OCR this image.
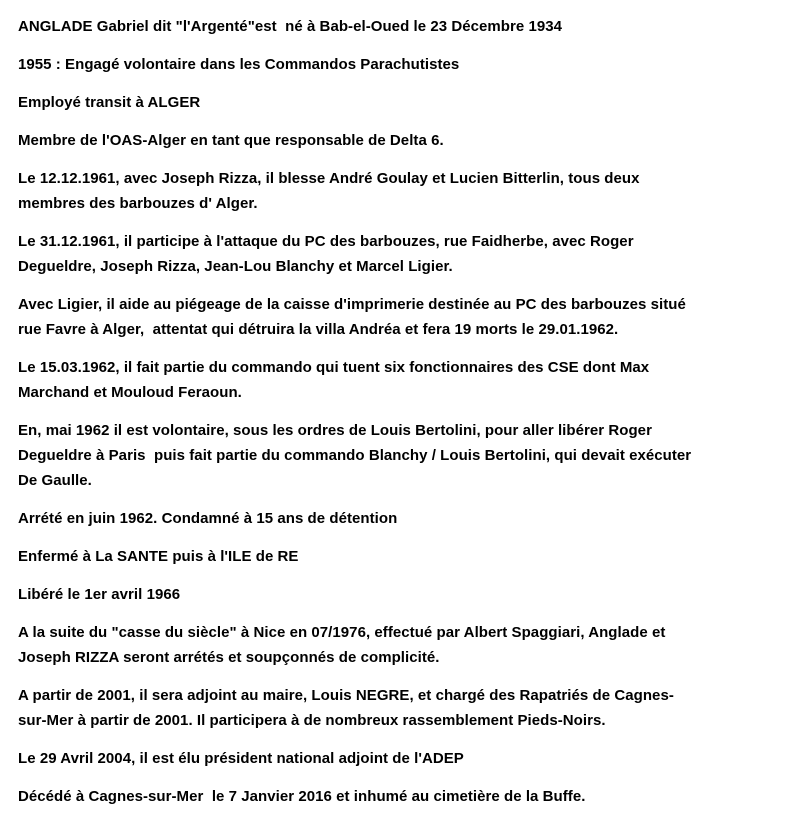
ANGLADE Gabriel dit "l'Argenté"est  né à Bab-el-Oued le 23 Décembre 1934

1955 : Engagé volontaire dans les Commandos Parachutistes

Employé transit à ALGER

Membre de l'OAS-Alger en tant que responsable de Delta 6.

Le 12.12.1961, avec Joseph Rizza, il blesse André Goulay et Lucien Bitterlin, tous deux
membres des barbouzes d' Alger.

Le 31.12.1961, il participe à l'attaque du PC des barbouzes, rue Faidherbe, avec Roger
Degueldre, Joseph Rizza, Jean-Lou Blanchy et Marcel Ligier.

Avec Ligier, il aide au piégeage de la caisse d'imprimerie destinée au PC des barbouzes situé
rue Favre à Alger,  attentat qui détruira la villa Andréa et fera 19 morts le 29.01.1962.

Le 15.03.1962, il fait partie du commando qui tuent six fonctionnaires des CSE dont Max
Marchand et Mouloud Feraoun.

En, mai 1962 il est volontaire, sous les ordres de Louis Bertolini, pour aller libérer Roger
Degueldre à Paris  puis fait partie du commando Blanchy / Louis Bertolini, qui devait exécuter
De Gaulle.

Arrété en juin 1962. Condamné à 15 ans de détention

Enfermé à La SANTE puis à l'ILE de RE

Libéré le 1er avril 1966

A la suite du "casse du siècle" à Nice en 07/1976, effectué par Albert Spaggiari, Anglade et
Joseph RIZZA seront arrétés et soupçonnés de complicité.

A partir de 2001, il sera adjoint au maire, Louis NEGRE, et chargé des Rapatriés de Cagnes-
sur-Mer à partir de 2001. Il participera à de nombreux rassemblement Pieds-Noirs.

Le 29 Avril 2004, il est élu président national adjoint de l'ADEP

Décédé à Cagnes-sur-Mer  le 7 Janvier 2016 et inhumé au cimetière de la Buffe.
